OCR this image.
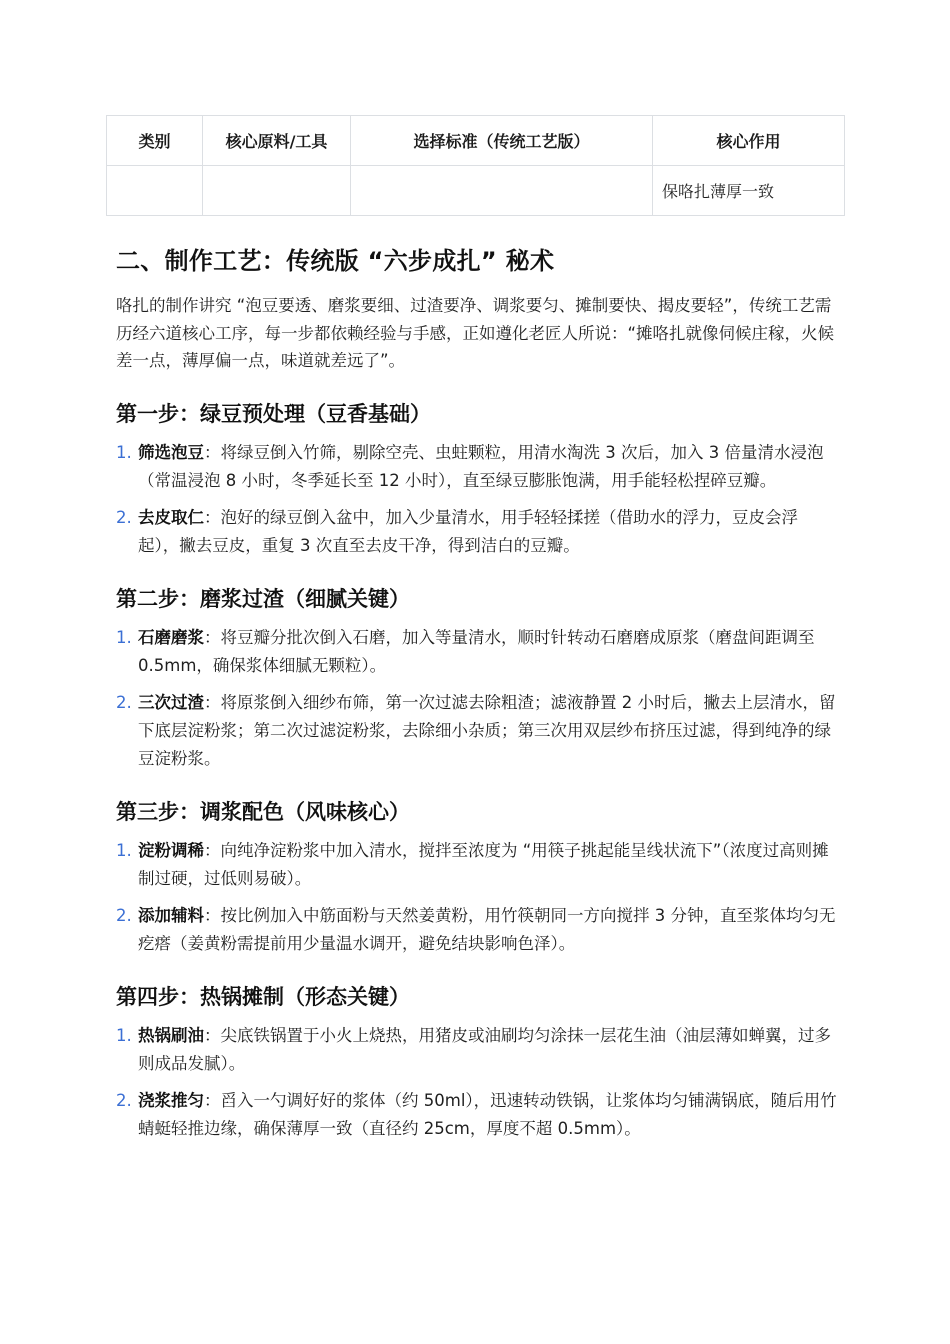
类别	核心原料/工具	选择标准（传统工艺版）	核心作用
			保咯扎薄厚一致
二、制作工艺：传统版 “六步成扎” 秘术

咯扎的制作讲究 “泡豆要透、磨浆要细、过渣要净、调浆要匀、摊制要快、揭皮要轻”，传统工艺需历经六道核心工序，每一步都依赖经验与手感，正如遵化老匠人所说：“摊咯扎就像伺候庄稼，火候差一点，薄厚偏一点，味道就差远了”。

第一步：绿豆预处理（豆香基础）
1. 筛选泡豆：将绿豆倒入竹筛，剔除空壳、虫蛀颗粒，用清水淘洗 3 次后，加入 3 倍量清水浸泡（常温浸泡 8 小时，冬季延长至 12 小时），直至绿豆膨胀饱满，用手能轻松捏碎豆瓣。
2. 去皮取仁：泡好的绿豆倒入盆中，加入少量清水，用手轻轻揉搓（借助水的浮力，豆皮会浮起），撇去豆皮，重复 3 次直至去皮干净，得到洁白的豆瓣。
第二步：磨浆过渣（细腻关键）
1. 石磨磨浆：将豆瓣分批次倒入石磨，加入等量清水，顺时针转动石磨磨成原浆（磨盘间距调至 0.5mm，确保浆体细腻无颗粒）。
2. 三次过渣：将原浆倒入细纱布筛，第一次过滤去除粗渣；滤液静置 2 小时后，撇去上层清水，留下底层淀粉浆；第二次过滤淀粉浆，去除细小杂质；第三次用双层纱布挤压过滤，得到纯净的绿豆淀粉浆。
第三步：调浆配色（风味核心）
1. 淀粉调稀：向纯净淀粉浆中加入清水，搅拌至浓度为 “用筷子挑起能呈线状流下”（浓度过高则摊制过硬，过低则易破）。
2. 添加辅料：按比例加入中筋面粉与天然姜黄粉，用竹筷朝同一方向搅拌 3 分钟，直至浆体均匀无疙瘩（姜黄粉需提前用少量温水调开，避免结块影响色泽）。
第四步：热锅摊制（形态关键）
1. 热锅刷油：尖底铁锅置于小火上烧热，用猪皮或油刷均匀涂抹一层花生油（油层薄如蝉翼，过多则成品发腻）。
2. 浇浆推匀：舀入一勺调好好的浆体（约 50ml），迅速转动铁锅，让浆体均匀铺满锅底，随后用竹蜻蜓轻推边缘，确保薄厚一致（直径约 25cm，厚度不超 0.5mm）。
